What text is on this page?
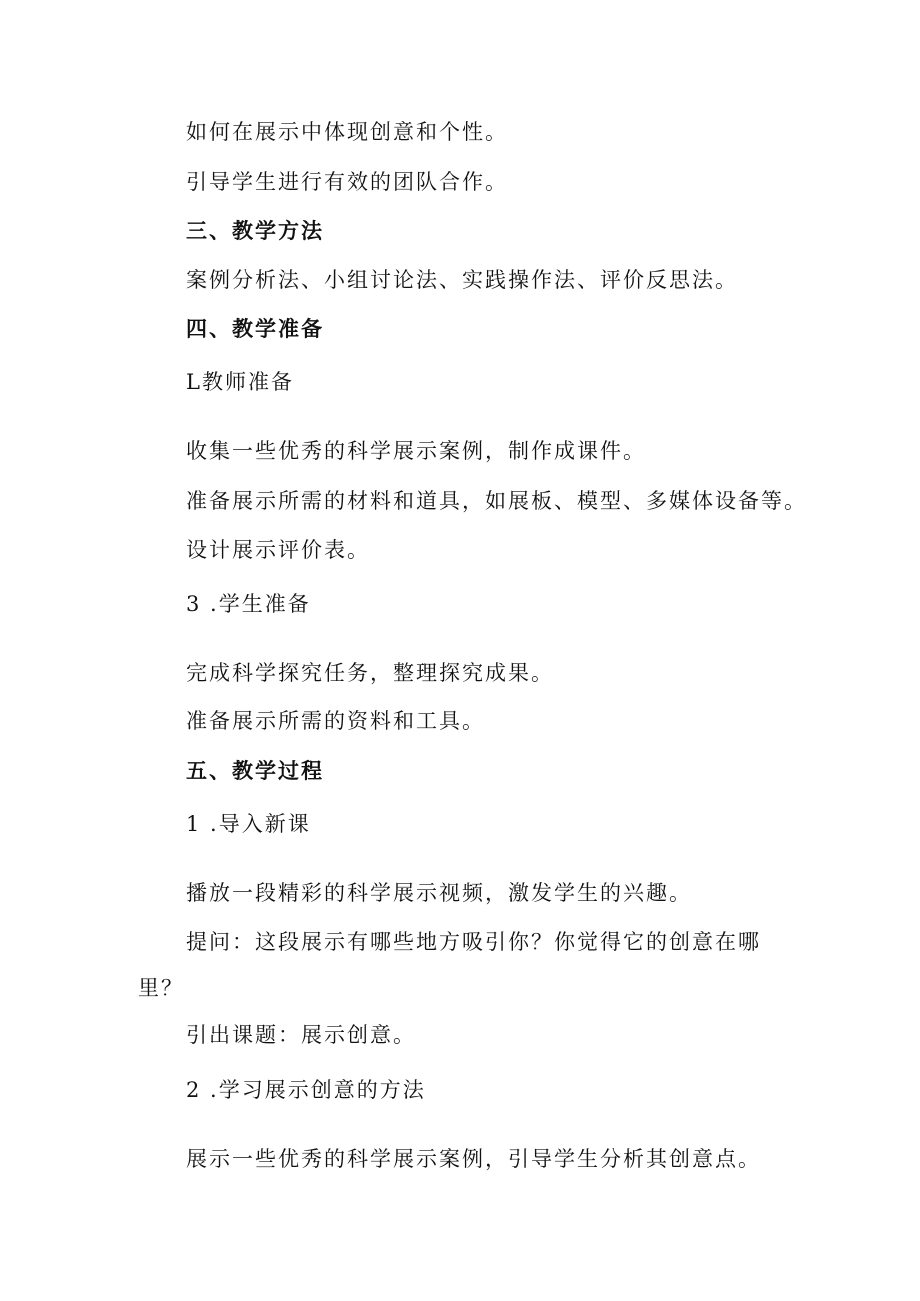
如何在展示中体现创意和个性。

引导学生进行有效的团队合作。

三、教学方法

案例分析法、小组讨论法、实践操作法、评价反思法。

四、教学准备
L教师准备

收集一些优秀的科学展示案例，制作成课件。

准备展示所需的材料和道具，如展板、模型、多媒体设备等。

设计展示评价表。

3 .学生准备

完成科学探究任务，整理探究成果。

准备展示所需的资料和工具。

五、教学过程
1 .导入新课

播放一段精彩的科学展示视频，激发学生的兴趣。

提问：这段展示有哪些地方吸引你？你觉得它的创意在哪

里？

引出课题：展示创意。

2 .学习展示创意的方法

展示一些优秀的科学展示案例，引导学生分析其创意点。
